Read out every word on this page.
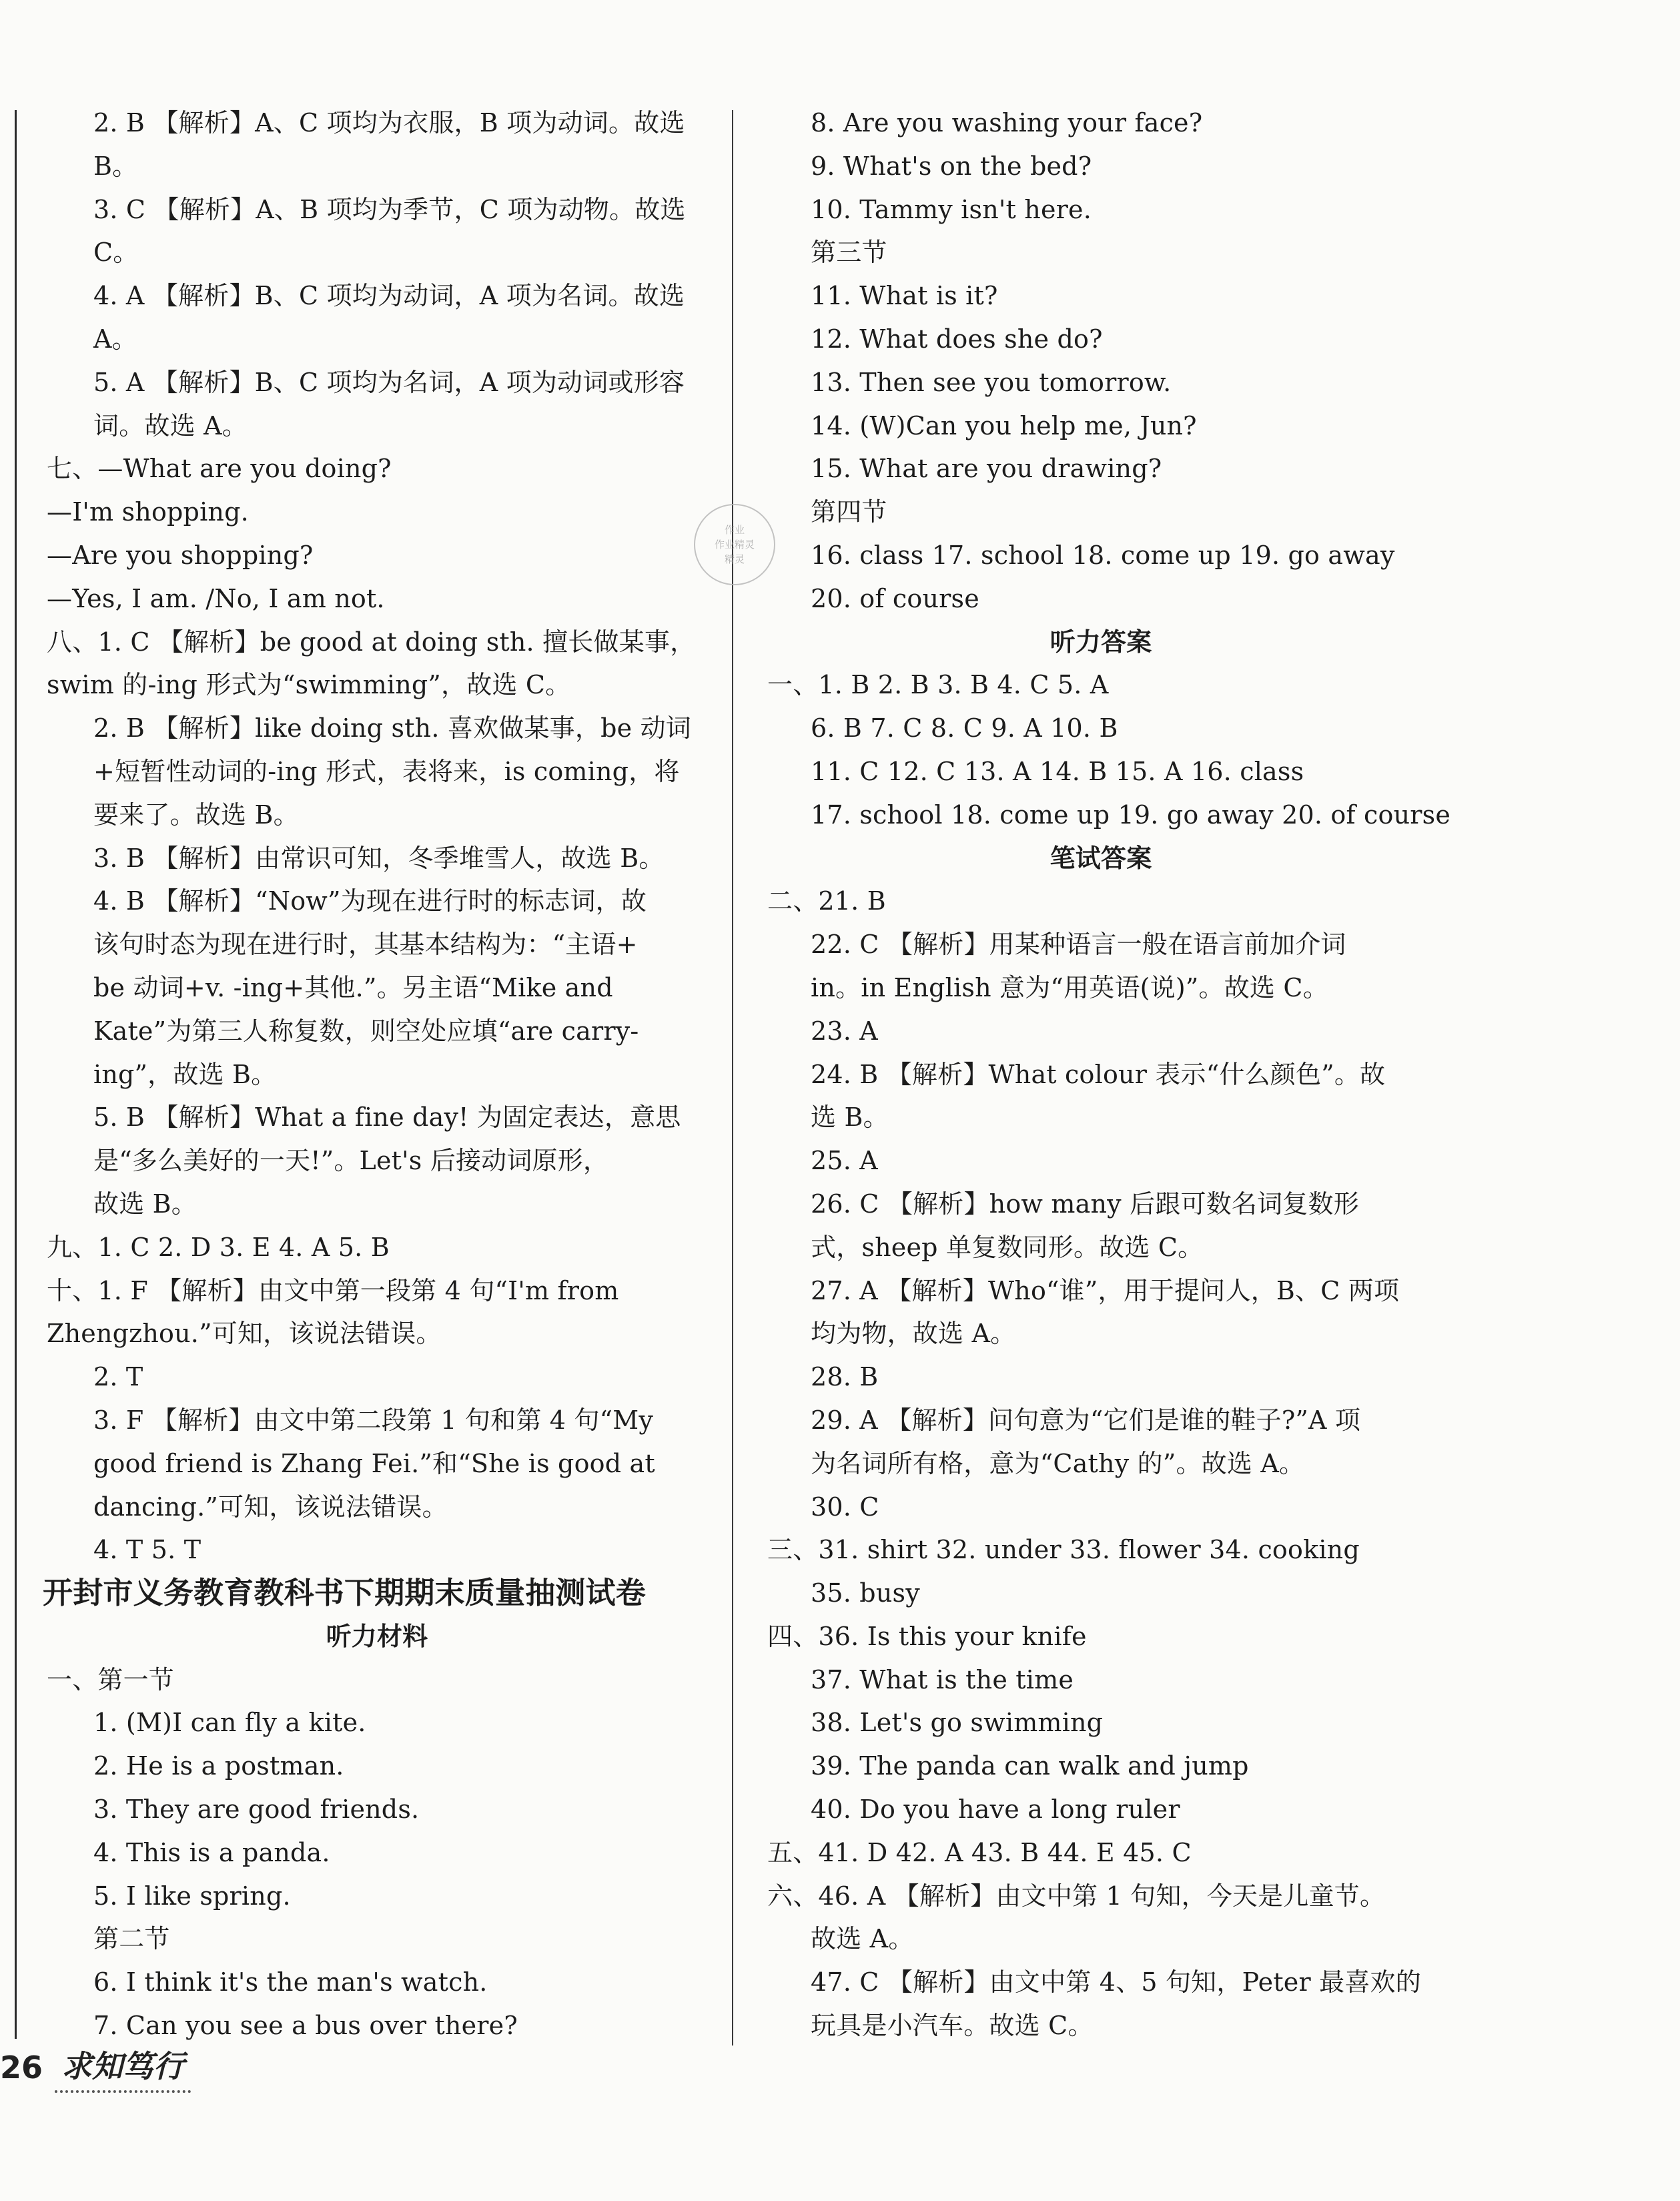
2. B 【解析】A、C 项均为衣服，B 项为动词。故选
B。
3. C 【解析】A、B 项均为季节，C 项为动物。故选
C。
4. A 【解析】B、C 项均为动词，A 项为名词。故选
A。
5. A 【解析】B、C 项均为名词，A 项为动词或形容
词。故选 A。
七、—What are you doing?
—I'm shopping.
—Are you shopping?
—Yes, I am. /No, I am not.
八、1. C 【解析】be good at doing sth. 擅长做某事，
swim 的-ing 形式为“swimming”，故选 C。
2. B 【解析】like doing sth. 喜欢做某事，be 动词
+短暂性动词的-ing 形式，表将来，is coming，将
要来了。故选 B。
3. B 【解析】由常识可知，冬季堆雪人，故选 B。
4. B 【解析】“Now”为现在进行时的标志词，故
该句时态为现在进行时，其基本结构为：“主语+
be 动词+v. -ing+其他.”。另主语“Mike and
Kate”为第三人称复数，则空处应填“are carry-
ing”，故选 B。
5. B 【解析】What a fine day! 为固定表达，意思
是“多么美好的一天!”。Let's 后接动词原形，
故选 B。
九、1. C 2. D 3. E 4. A 5. B
十、1. F 【解析】由文中第一段第 4 句“I'm from
Zhengzhou.”可知，该说法错误。
2. T
3. F 【解析】由文中第二段第 1 句和第 4 句“My
good friend is Zhang Fei.”和“She is good at
dancing.”可知，该说法错误。
4. T 5. T
开封市义务教育教科书下期期末质量抽测试卷
听力材料
一、第一节
1. (M)I can fly a kite.
2. He is a postman.
3. They are good friends.
4. This is a panda.
5. I like spring.
第二节
6. I think it's the man's watch.
7. Can you see a bus over there?
8. Are you washing your face?
9. What's on the bed?
10. Tammy isn't here.
第三节
11. What is it?
12. What does she do?
13. Then see you tomorrow.
14. (W)Can you help me, Jun?
15. What are you drawing?
第四节
16. class 17. school 18. come up 19. go away
20. of course
听力答案
一、1. B 2. B 3. B 4. C 5. A
6. B 7. C 8. C 9. A 10. B
11. C 12. C 13. A 14. B 15. A 16. class
17. school 18. come up 19. go away 20. of course
笔试答案
二、21. B
22. C 【解析】用某种语言一般在语言前加介词
in。in English 意为“用英语(说)”。故选 C。
23. A
24. B 【解析】What colour 表示“什么颜色”。故
选 B。
25. A
26. C 【解析】how many 后跟可数名词复数形
式，sheep 单复数同形。故选 C。
27. A 【解析】Who“谁”，用于提问人，B、C 两项
均为物，故选 A。
28. B
29. A 【解析】问句意为“它们是谁的鞋子?”A 项
为名词所有格，意为“Cathy 的”。故选 A。
30. C
三、31. shirt 32. under 33. flower 34. cooking
35. busy
四、36. Is this your knife
37. What is the time
38. Let's go swimming
39. The panda can walk and jump
40. Do you have a long ruler
五、41. D 42. A 43. B 44. E 45. C
六、46. A 【解析】由文中第 1 句知，今天是儿童节。
故选 A。
47. C 【解析】由文中第 4、5 句知，Peter 最喜欢的
玩具是小汽车。故选 C。
作业
作业精灵
精灵
26 求知笃行
